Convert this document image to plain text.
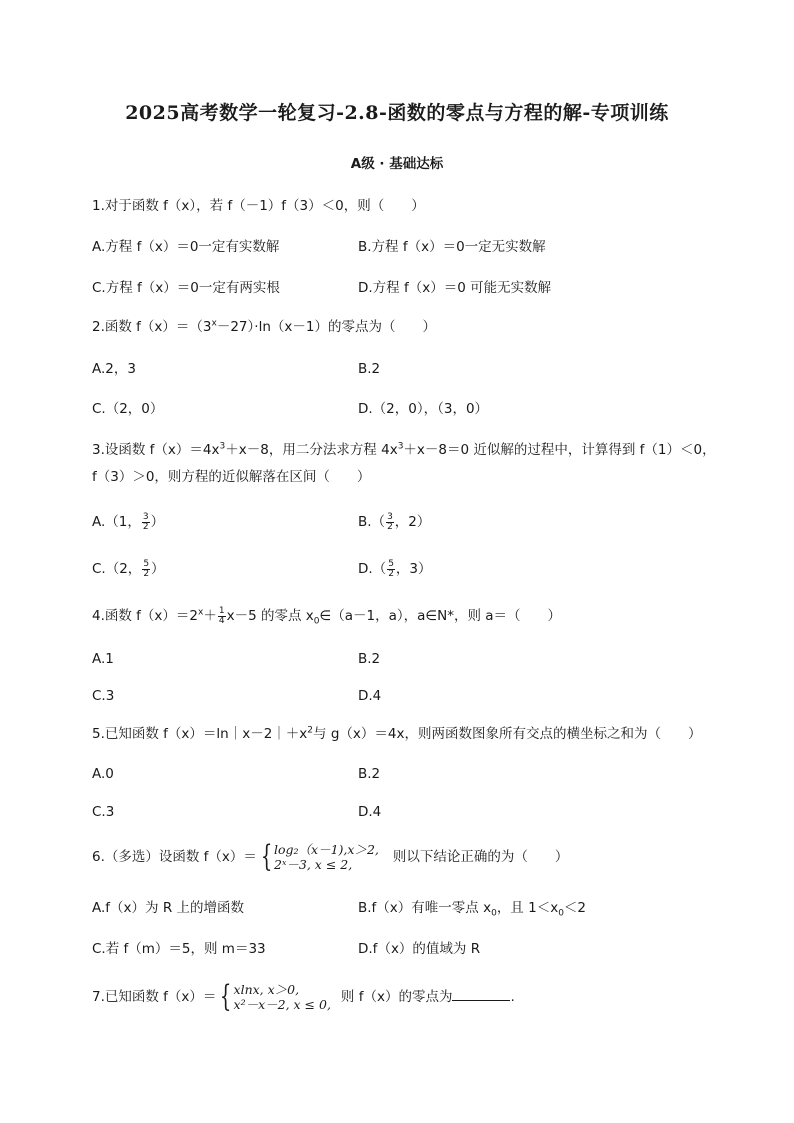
2025高考数学一轮复习-2.8-函数的零点与方程的解-专项训练
A级 · 基础达标
1.对于函数 f（x），若 f（－1）f（3）＜0，则（　　）
A.方程 f（x）＝0一定有实数解	B.方程 f（x）＝0一定无实数解
C.方程 f（x）＝0一定有两实根	D.方程 f（x）＝0 可能无实数解
2.函数 $f(x)=(3^x-27)\cdot\ln(x-1)$的零点为（　　）
A.2，3	B.2
C.（2，0）	D.（2，0），（3，0）
3.设函数 $f(x)=4x^3+x-8$，用二分法求方程 $4x^3+x-8=0$ 近似解的过程中，计算得到 f（1）＜0，
f（3）＞0，则方程的近似解落在区间（　　）
A.（1， $\frac{3}{2}$ ）	$B.( \frac{3}{2}$ ，2）
C.（2， $\frac{5}{2}$ ）	$D.( \frac{5}{2}$ ，3）
4.函数 $f(x)=2^x+ \frac{1}{4} x-5$ 的零点 $x_0\in(a-1$，a），a∈N*，则 a＝（　　）
A.1	B.2
C.3	D.4
5.已知函数 $f(x)=\ln|x-2|+x^2$与 g（x）＝4x，则两函数图象所有交点的横坐标之和为（　　）
A.0	B.2
C.3	D.4
6.（多选）设函数 f（x）＝ { log₂（x－1),x＞2,
2ˣ－3, x ≤ 2,	则以下结论正确的为（　　）
A.f（x）为 R 上的增函数	B.f（x）有唯一零点 $x_0$，且 $1<x_0<2$
C.若 f（m）＝5，则 m＝33	D.f（x）的值域为 R
7.已知函数 f（x）＝ { xlnx, x＞0,
x²－x－2, x ≤ 0, 则 f（x）的零点为	.
